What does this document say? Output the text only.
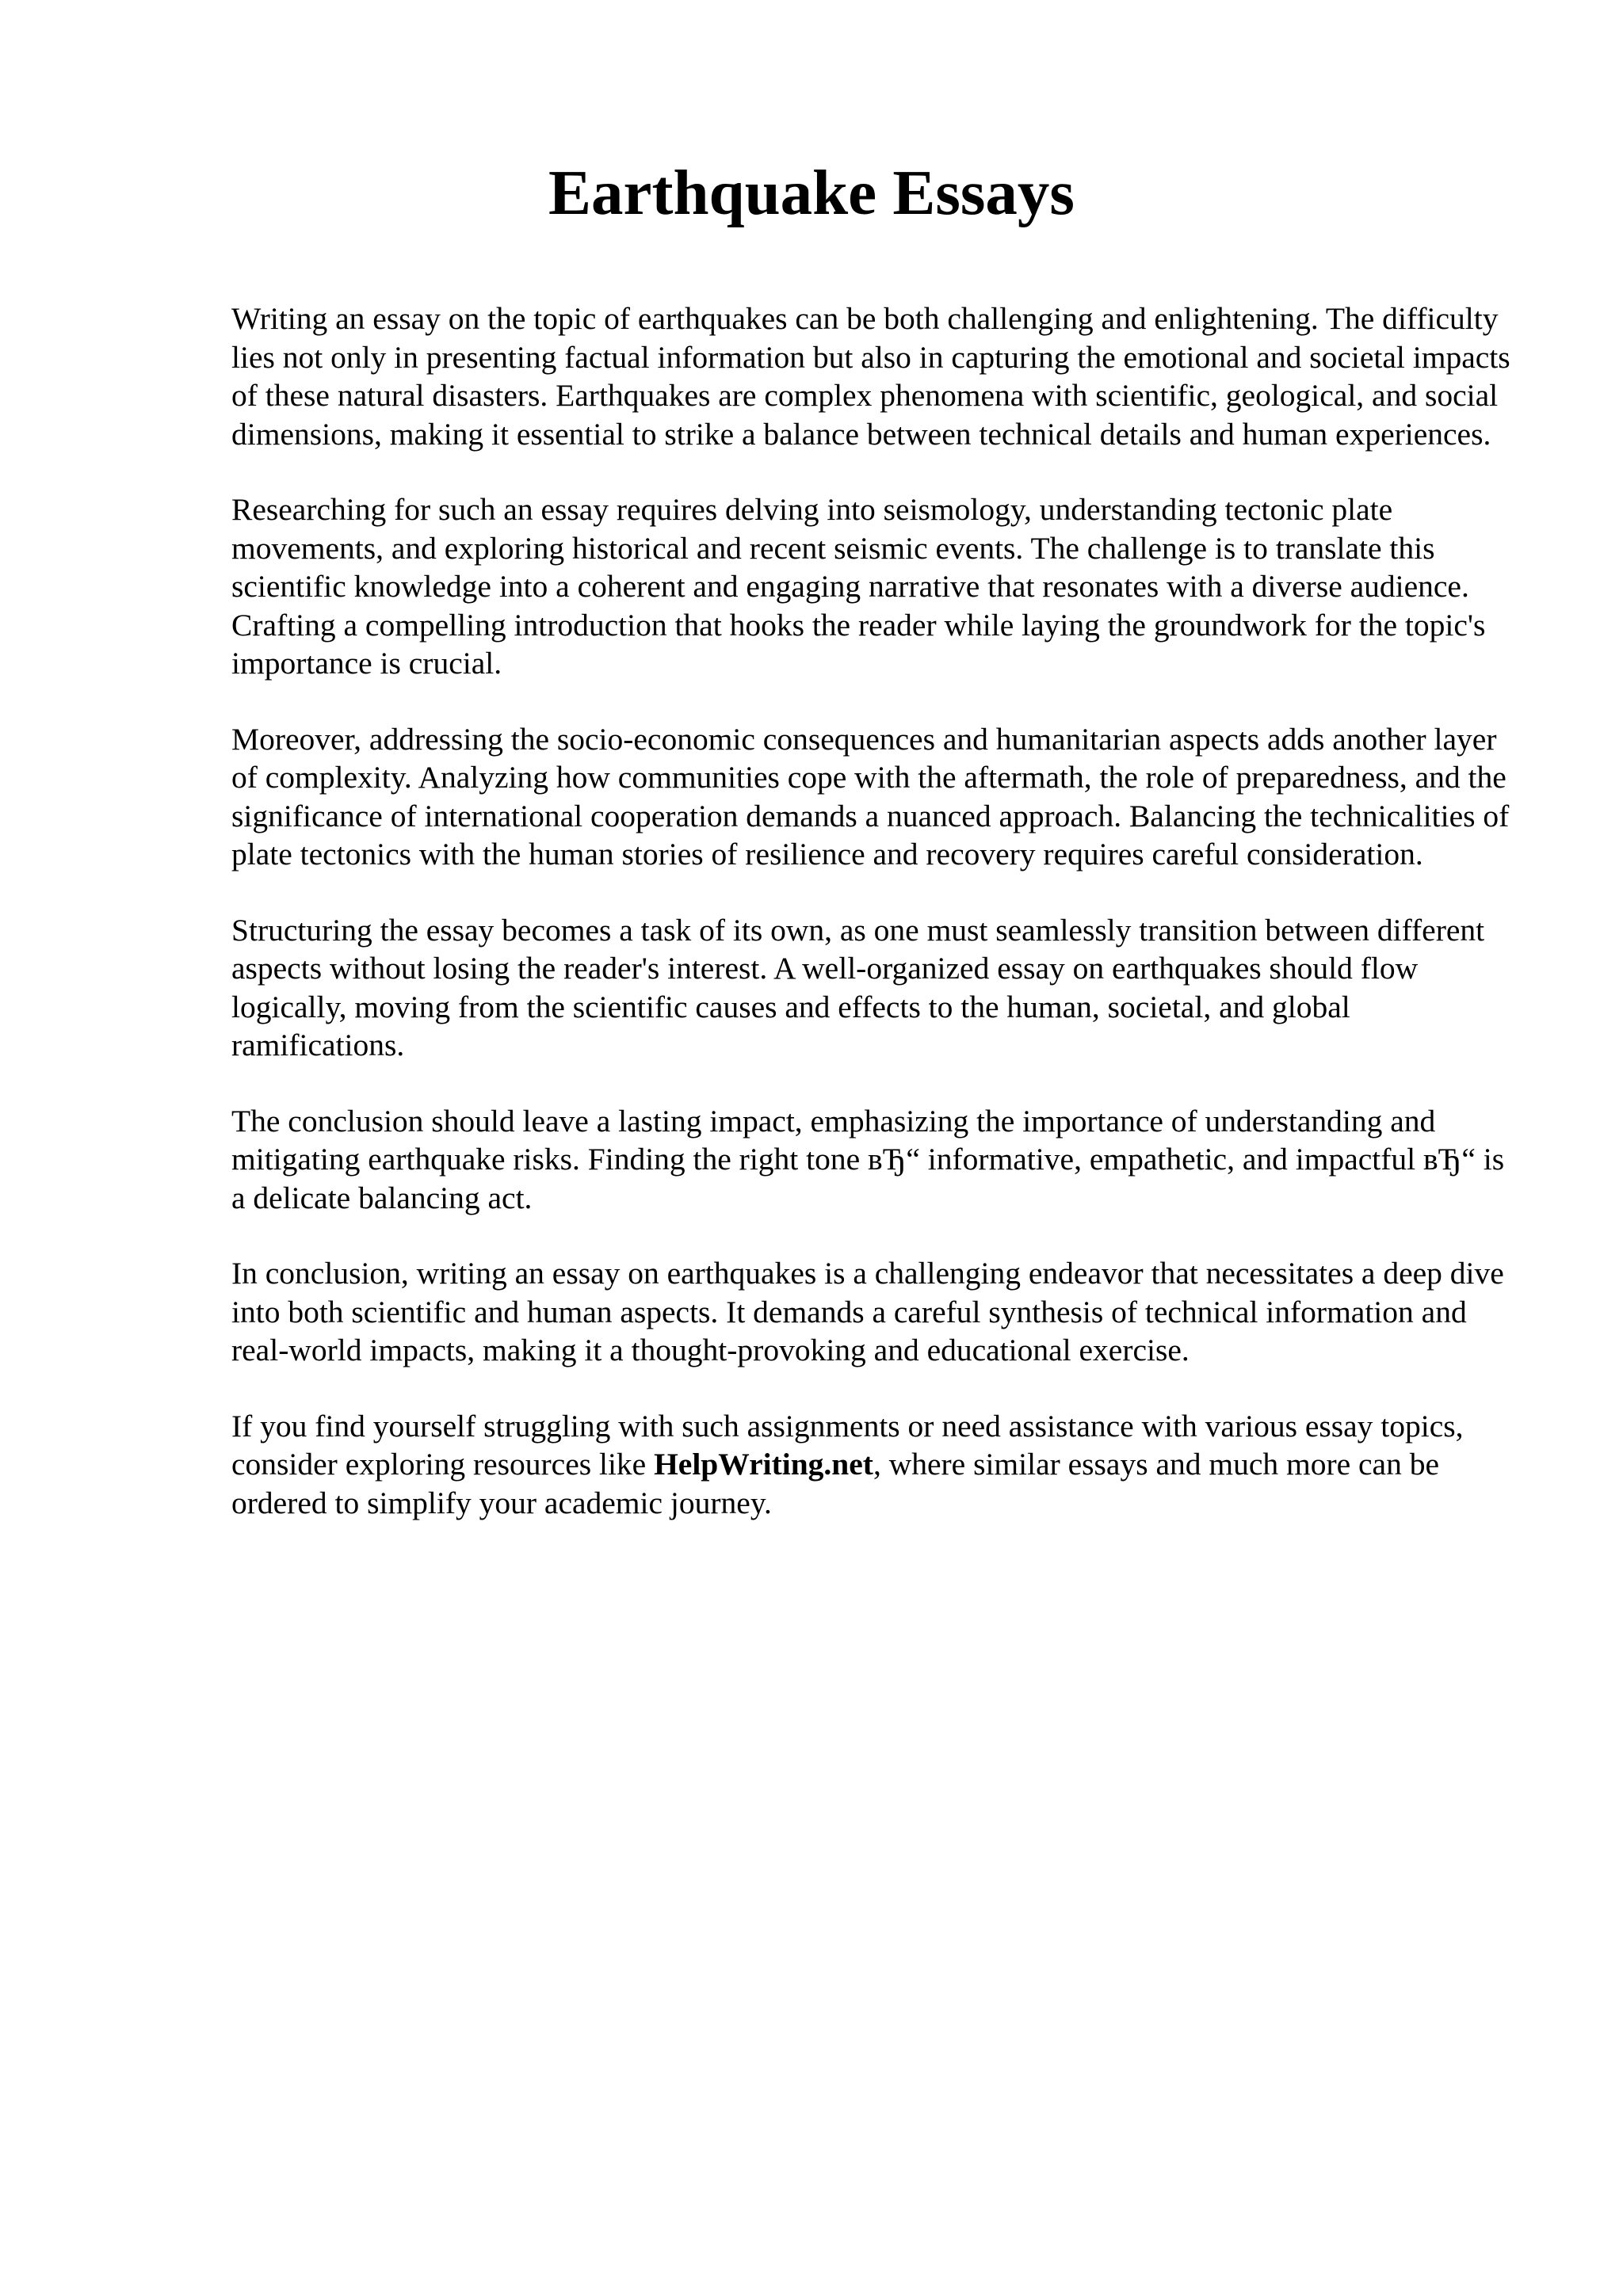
Earthquake Essays

Writing an essay on the topic of earthquakes can be both challenging and enlightening. The difficulty lies not only in presenting factual information but also in capturing the emotional and societal impacts of these natural disasters. Earthquakes are complex phenomena with scientific, geological, and social dimensions, making it essential to strike a balance between technical details and human experiences.

Researching for such an essay requires delving into seismology, understanding tectonic plate movements, and exploring historical and recent seismic events. The challenge is to translate this scientific knowledge into a coherent and engaging narrative that resonates with a diverse audience. Crafting a compelling introduction that hooks the reader while laying the groundwork for the topic's importance is crucial.

Moreover, addressing the socio-economic consequences and humanitarian aspects adds another layer of complexity. Analyzing how communities cope with the aftermath, the role of preparedness, and the significance of international cooperation demands a nuanced approach. Balancing the technicalities of plate tectonics with the human stories of resilience and recovery requires careful consideration.

Structuring the essay becomes a task of its own, as one must seamlessly transition between different aspects without losing the reader's interest. A well-organized essay on earthquakes should flow logically, moving from the scientific causes and effects to the human, societal, and global ramifications.

The conclusion should leave a lasting impact, emphasizing the importance of understanding and mitigating earthquake risks. Finding the right tone вЂ“ informative, empathetic, and impactful вЂ“ is a delicate balancing act.

In conclusion, writing an essay on earthquakes is a challenging endeavor that necessitates a deep dive into both scientific and human aspects. It demands a careful synthesis of technical information and real-world impacts, making it a thought-provoking and educational exercise.

If you find yourself struggling with such assignments or need assistance with various essay topics, consider exploring resources like HelpWriting.net, where similar essays and much more can be ordered to simplify your academic journey.
